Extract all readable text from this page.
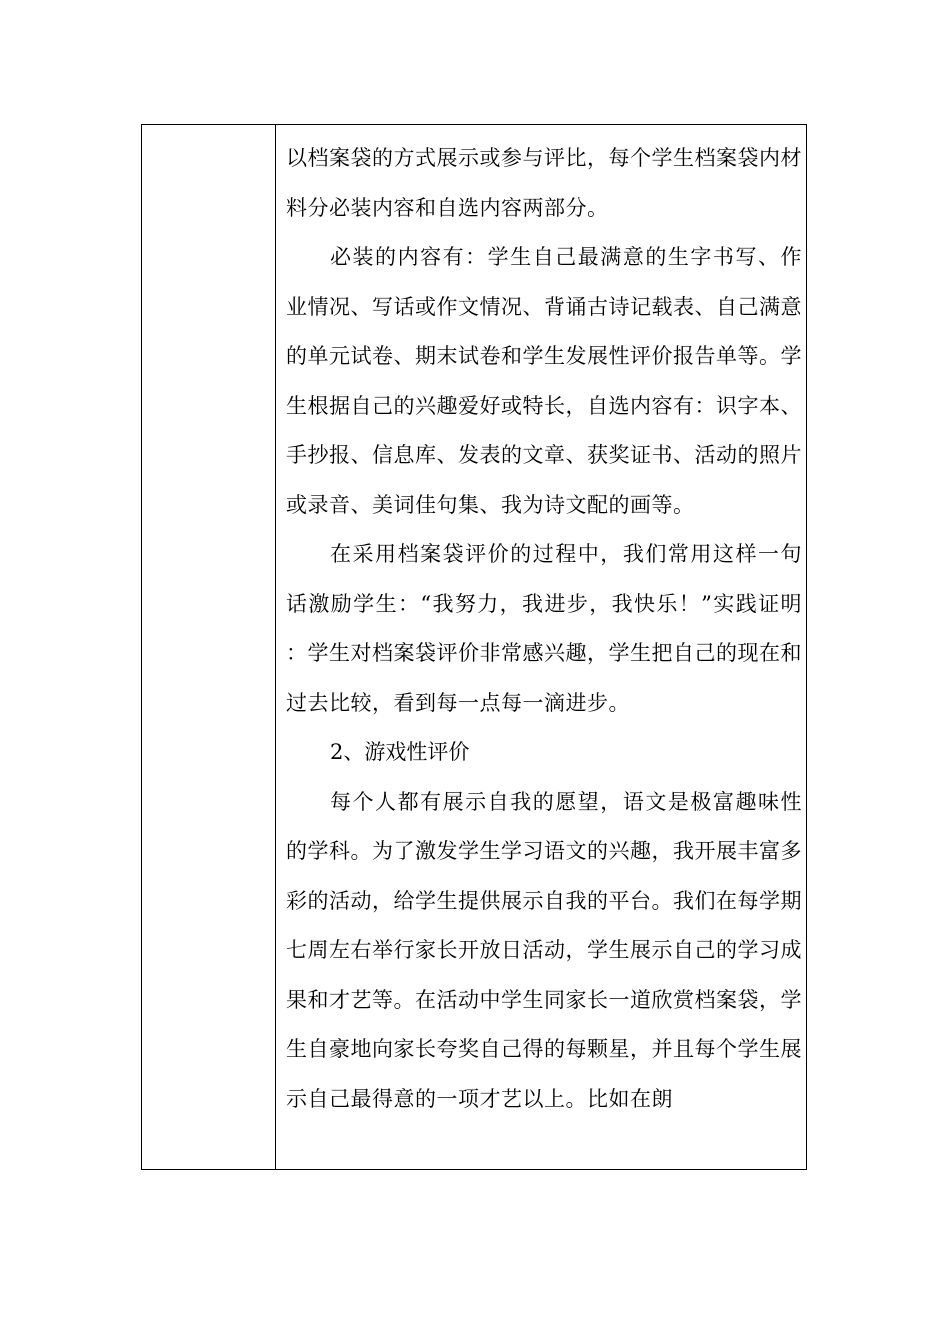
以档案袋的方式展示或参与评比，每个学生档案袋内材料分必装内容和自选内容两部分。

必装的内容有：学生自己最满意的生字书写、作业情况、写话或作文情况、背诵古诗记载表、自己满意的单元试卷、期末试卷和学生发展性评价报告单等。学生根据自己的兴趣爱好或特长，自选内容有：识字本、手抄报、信息库、发表的文章、获奖证书、活动的照片或录音、美词佳句集、我为诗文配的画等。

在采用档案袋评价的过程中，我们常用这样一句话激励学生：“我努力，我进步，我快乐！”实践证明：学生对档案袋评价非常感兴趣，学生把自己的现在和过去比较，看到每一点每一滴进步。

2、游戏性评价

每个人都有展示自我的愿望，语文是极富趣味性的学科。为了激发学生学习语文的兴趣，我开展丰富多彩的活动，给学生提供展示自我的平台。我们在每学期七周左右举行家长开放日活动，学生展示自己的学习成果和才艺等。在活动中学生同家长一道欣赏档案袋，学生自豪地向家长夸奖自己得的每颗星，并且每个学生展示自己最得意的一项才艺以上。比如在朗
